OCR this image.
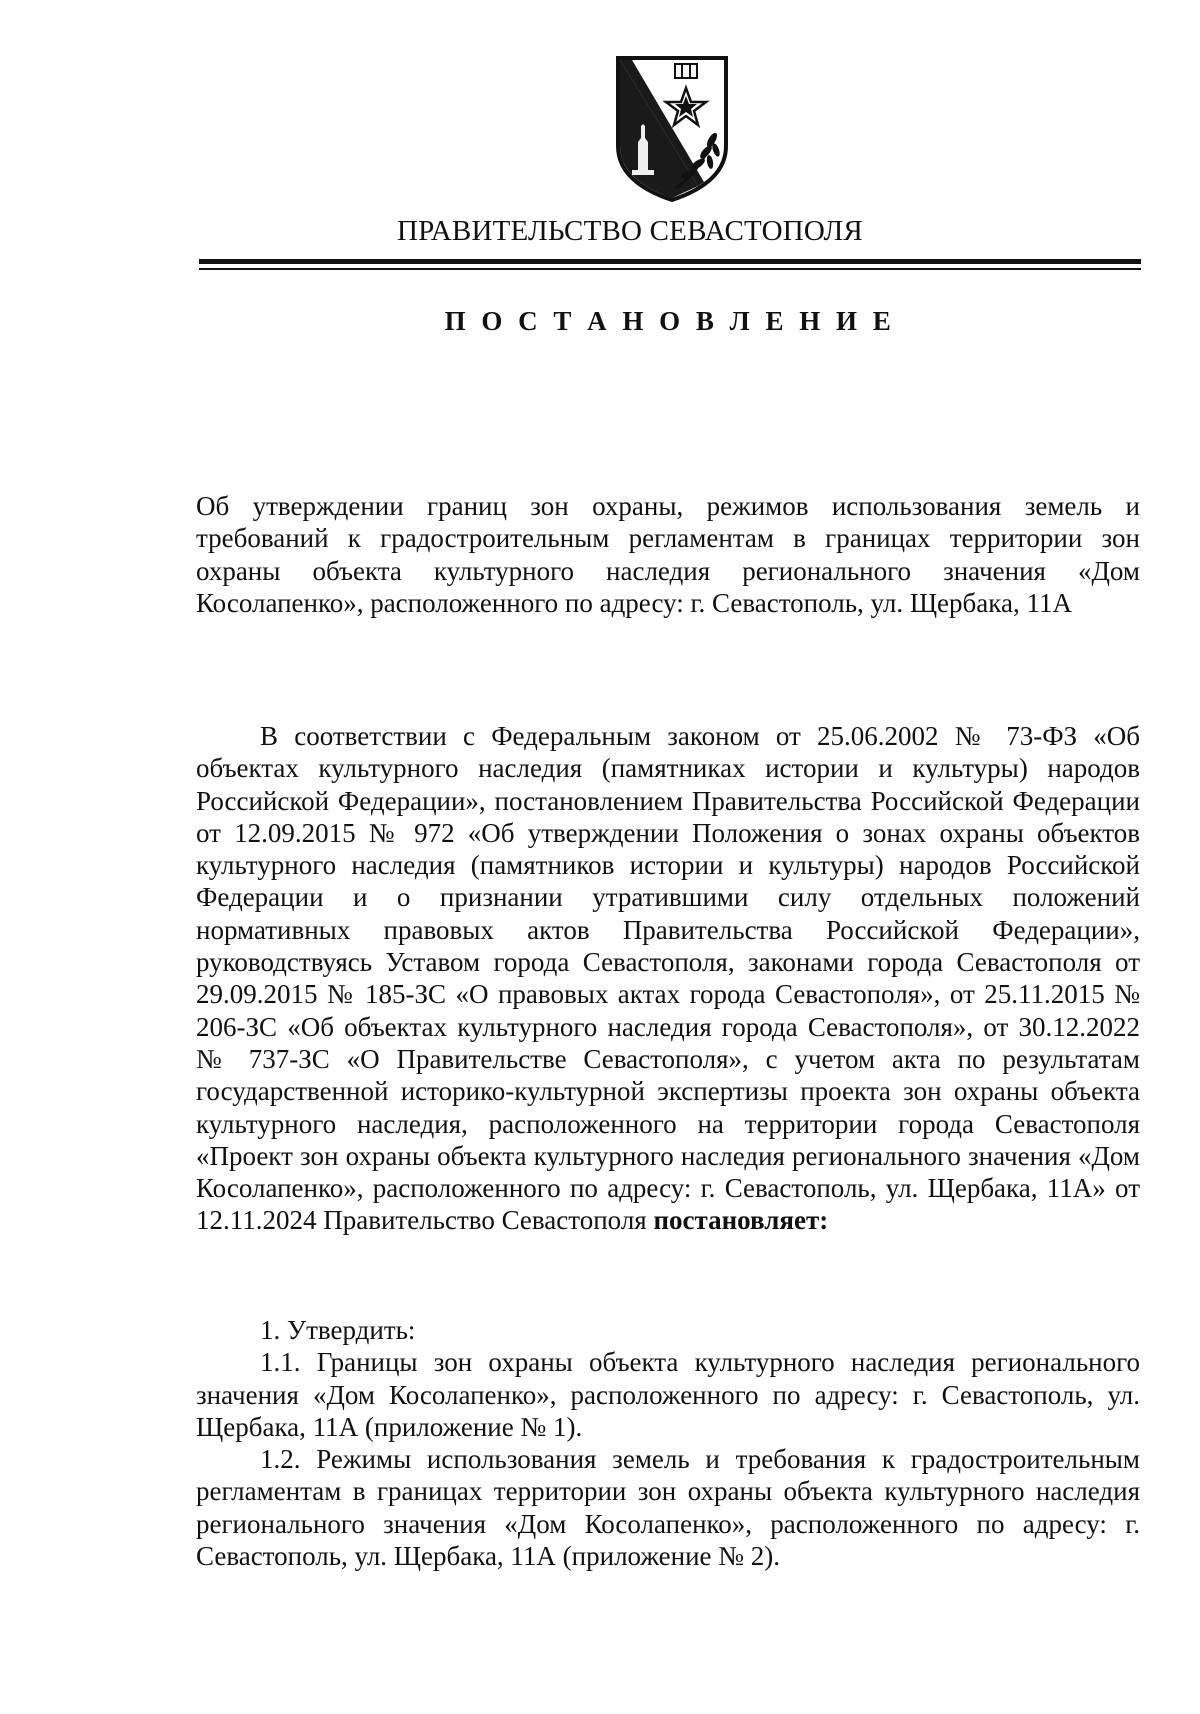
ПРАВИТЕЛЬСТВО СЕВАСТОПОЛЯ
П О С Т А Н О В Л Е Н И Е
Об утверждении границ зон охраны, режимов использования земель и требований к градостроительным регламентам в границах территории зон охраны объекта культурного наследия регионального значения «Дом Косолапенко», расположенного по адресу: г. Севастополь, ул. Щербака, 11А
В соответствии с Федеральным законом от 25.06.2002 № 73-ФЗ «Об объектах культурного наследия (памятниках истории и культуры) народов Российской Федерации», постановлением Правительства Российской Федерации от 12.09.2015 № 972 «Об утверждении Положения о зонах охраны объектов культурного наследия (памятников истории и культуры) народов Российской Федерации и о признании утратившими силу отдельных положений нормативных правовых актов Правительства Российской Федерации», руководствуясь Уставом города Севастополя, законами города Севастополя от 29.09.2015 № 185-ЗС «О правовых актах города Севастополя», от 25.11.2015 № 206-ЗС «Об объектах культурного наследия города Севастополя», от 30.12.2022 № 737-ЗС «О Правительстве Севастополя», с учетом акта по результатам государственной историко-культурной экспертизы проекта зон охраны объекта культурного наследия, расположенного на территории города Севастополя «Проект зон охраны объекта культурного наследия регионального значения «Дом Косолапенко», расположенного по адресу: г. Севастополь, ул. Щербака, 11А» от 12.11.2024 Правительство Севастополя постановляет:

1. Утвердить:

1.1. Границы зон охраны объекта культурного наследия регионального значения «Дом Косолапенко», расположенного по адресу: г. Севастополь, ул. Щербака, 11А (приложение № 1).

1.2. Режимы использования земель и требования к градостроительным регламентам в границах территории зон охраны объекта культурного наследия регионального значения «Дом Косолапенко», расположенного по адресу: г. Севастополь, ул. Щербака, 11А (приложение № 2).
